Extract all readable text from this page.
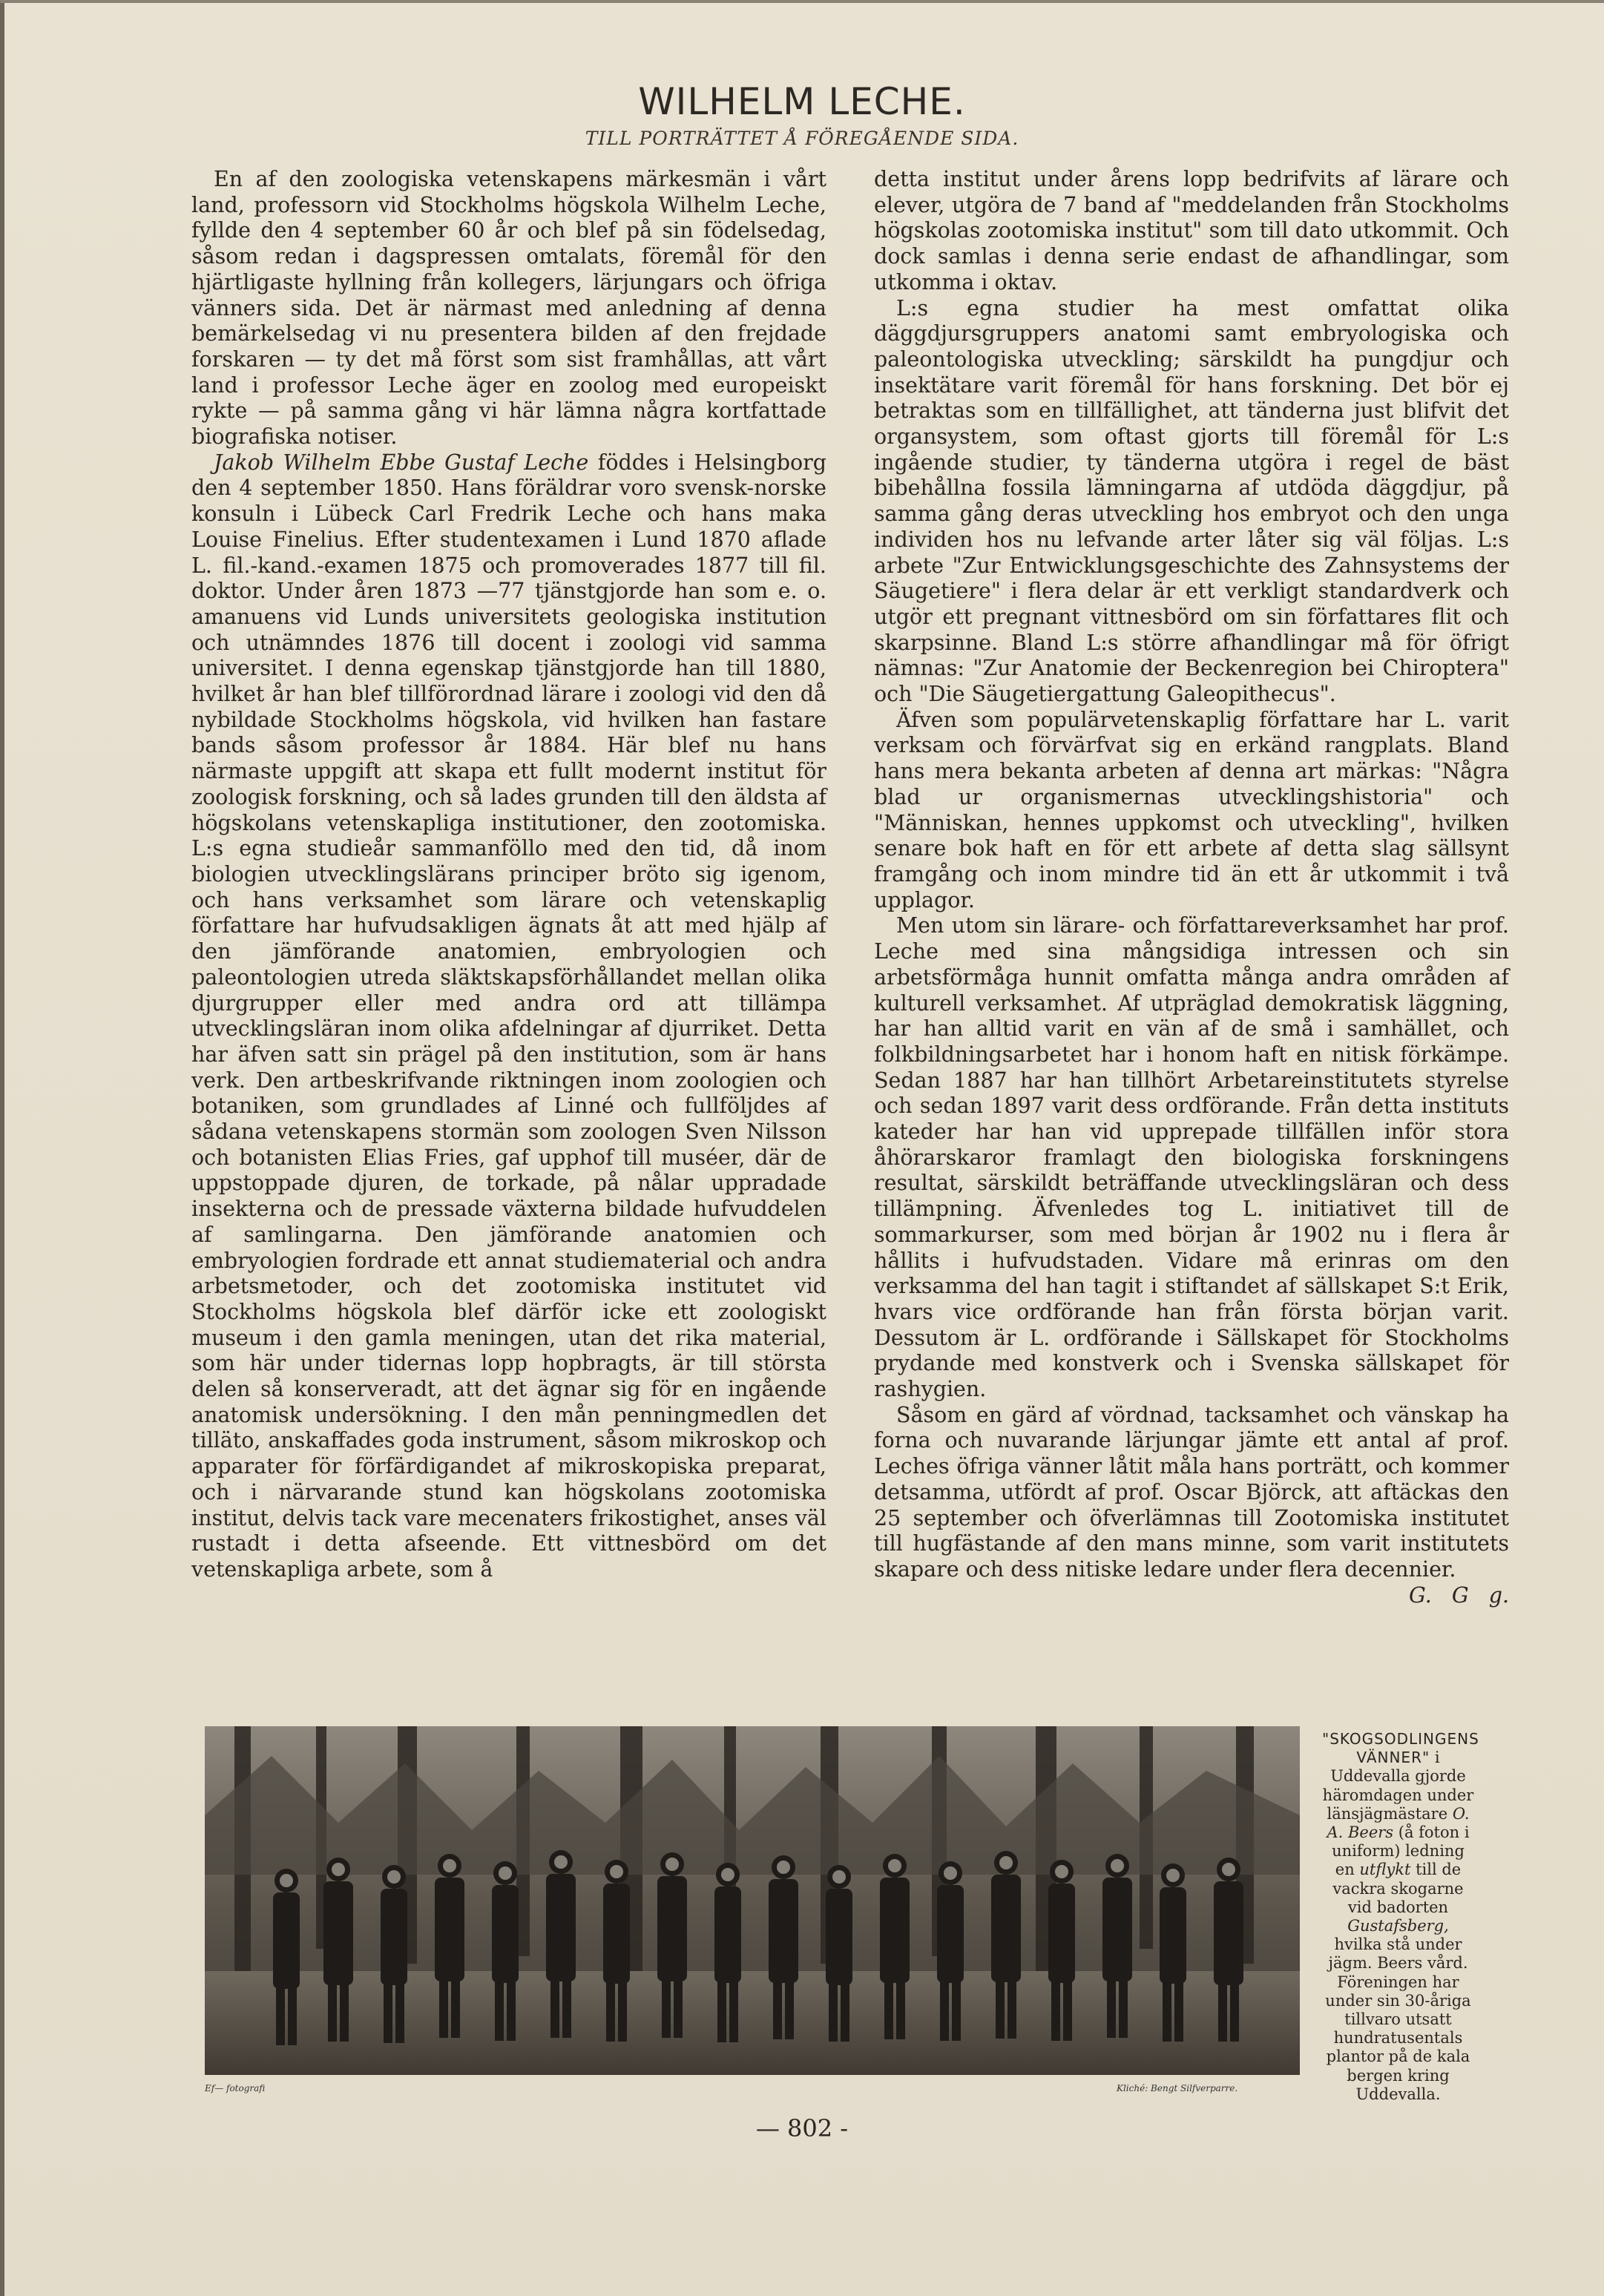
WILHELM LECHE.
TILL PORTRÄTTET Å FÖREGÅENDE SIDA.

En af den zoologiska vetenskapens märkesmän i vårt land, professorn vid Stockholms högskola Wilhelm Leche, fyllde den 4 september 60 år och blef på sin födelsedag, såsom redan i dagspressen omtalats, föremål för den hjärtligaste hyllning från kollegers, lärjungars och öfriga vänners sida. Det är närmast med anledning af denna bemärkelsedag vi nu presentera bilden af den frejdade forskaren — ty det må först som sist framhållas, att vårt land i professor Leche äger en zoolog med europeiskt rykte — på samma gång vi här lämna några kortfattade biografiska notiser.

Jakob Wilhelm Ebbe Gustaf Leche föddes i Helsingborg den 4 september 1850. Hans föräldrar voro svensk-norske konsuln i Lübeck Carl Fredrik Leche och hans maka Louise Finelius. Efter studentexamen i Lund 1870 aflade L. fil.-kand.-examen 1875 och promoverades 1877 till fil. doktor. Under åren 1873 —77 tjänstgjorde han som e. o. amanuens vid Lunds universitets geologiska institution och utnämndes 1876 till docent i zoologi vid samma universitet. I denna egenskap tjänstgjorde han till 1880, hvilket år han blef tillförordnad lärare i zoologi vid den då nybildade Stockholms högskola, vid hvilken han fastare bands såsom professor år 1884. Här blef nu hans närmaste uppgift att skapa ett fullt modernt institut för zoologisk forskning, och så lades grunden till den äldsta af högskolans vetenskapliga institutioner, den zootomiska. L:s egna studieår sammanföllo med den tid, då inom biologien utvecklingslärans principer bröto sig igenom, och hans verksamhet som lärare och vetenskaplig författare har hufvudsakligen ägnats åt att med hjälp af den jämförande anatomien, embryologien och paleontologien utreda släktskapsförhållandet mellan olika djurgrupper eller med andra ord att tillämpa utvecklingsläran inom olika afdelningar af djurriket. Detta har äfven satt sin prägel på den institution, som är hans verk. Den artbeskrifvande riktningen inom zoologien och botaniken, som grundlades af Linné och fullföljdes af sådana vetenskapens stormän som zoologen Sven Nilsson och botanisten Elias Fries, gaf upphof till muséer, där de uppstoppade djuren, de torkade, på nålar uppradade insekterna och de pressade växterna bildade hufvuddelen af samlingarna. Den jämförande anatomien och embryologien fordrade ett annat studiematerial och andra arbetsmetoder, och det zootomiska institutet vid Stockholms högskola blef därför icke ett zoologiskt museum i den gamla meningen, utan det rika material, som här under tidernas lopp hopbragts, är till största delen så konserveradt, att det ägnar sig för en ingående anatomisk undersökning. I den mån penningmedlen det tilläto, anskaffades goda instrument, såsom mikroskop och apparater för förfärdigandet af mikroskopiska preparat, och i närvarande stund kan högskolans zootomiska institut, delvis tack vare mecenaters frikostighet, anses väl rustadt i detta afseende. Ett vittnesbörd om det vetenskapliga arbete, som å

detta institut under årens lopp bedrifvits af lärare och elever, utgöra de 7 band af "meddelanden från Stockholms högskolas zootomiska institut" som till dato utkommit. Och dock samlas i denna serie endast de afhandlingar, som utkomma i oktav.

L:s egna studier ha mest omfattat olika däggdjursgruppers anatomi samt embryologiska och paleontologiska utveckling; särskildt ha pungdjur och insektätare varit föremål för hans forskning. Det bör ej betraktas som en tillfällighet, att tänderna just blifvit det organsystem, som oftast gjorts till föremål för L:s ingående studier, ty tänderna utgöra i regel de bäst bibehållna fossila lämningarna af utdöda däggdjur, på samma gång deras utveckling hos embryot och den unga individen hos nu lefvande arter låter sig väl följas. L:s arbete "Zur Entwicklungsgeschichte des Zahnsystems der Säugetiere" i flera delar är ett verkligt standardverk och utgör ett pregnant vittnesbörd om sin författares flit och skarpsinne. Bland L:s större afhandlingar må för öfrigt nämnas: "Zur Anatomie der Beckenregion bei Chiroptera" och "Die Säugetiergattung Galeopithecus".

Äfven som populärvetenskaplig författare har L. varit verksam och förvärfvat sig en erkänd rangplats. Bland hans mera bekanta arbeten af denna art märkas: "Några blad ur organismernas utvecklingshistoria" och "Människan, hennes uppkomst och utveckling", hvilken senare bok haft en för ett arbete af detta slag sällsynt framgång och inom mindre tid än ett år utkommit i två upplagor.

Men utom sin lärare- och författareverksamhet har prof. Leche med sina mångsidiga intressen och sin arbetsförmåga hunnit omfatta många andra områden af kulturell verksamhet. Af utpräglad demokratisk läggning, har han alltid varit en vän af de små i samhället, och folkbildningsarbetet har i honom haft en nitisk förkämpe. Sedan 1887 har han tillhört Arbetareinstitutets styrelse och sedan 1897 varit dess ordförande. Från detta instituts kateder har han vid upprepade tillfällen inför stora åhörarskaror framlagt den biologiska forskningens resultat, särskildt beträffande utvecklingsläran och dess tillämpning. Äfvenledes tog L. initiativet till de sommarkurser, som med början år 1902 nu i flera år hållits i hufvudstaden. Vidare må erinras om den verksamma del han tagit i stiftandet af sällskapet S:t Erik, hvars vice ordförande han från första början varit. Dessutom är L. ordförande i Sällskapet för Stockholms prydande med konstverk och i Svenska sällskapet för rashygien.

Såsom en gärd af vördnad, tacksamhet och vänskap ha forna och nuvarande lärjungar jämte ett antal af prof. Leches öfriga vänner låtit måla hans porträtt, och kommer detsamma, utfördt af prof. Oscar Björck, att aftäckas den 25 september och öfverlämnas till Zootomiska institutet till hugfästande af den mans minne, som varit institutets skapare och dess nitiske ledare under flera decennier.
G. G g.

Ef— fotografi	Kliché: Bengt Silfverparre.
"SKOGSODLINGENS VÄNNER" i Uddevalla gjorde häromdagen under länsjägmästare O. A. Beers (å foton i uniform) ledning en utflykt till de vackra skogarne vid badorten Gustafsberg, hvilka stå under jägm. Beers vård. Föreningen har under sin 30-åriga tillvaro utsatt hundratusentals plantor på de kala bergen kring Uddevalla.
— 802 -
